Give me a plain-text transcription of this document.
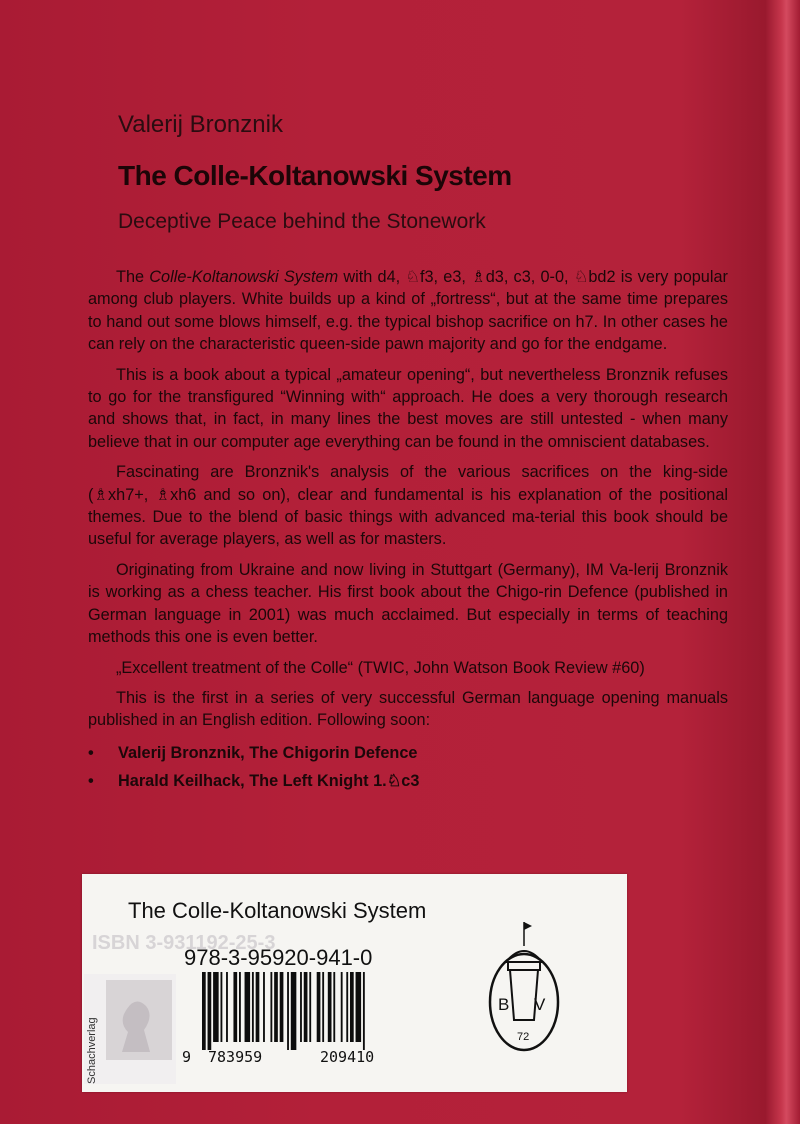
Valerij Bronznik
The Colle-Koltanowski System
Deceptive Peace behind the Stonework

The Colle-Koltanowski System with d4, ♘f3, e3, ♗d3, c3, 0-0, ♘bd2 is very popular among club players. White builds up a kind of „fortress“, but at the same time prepares to hand out some blows himself, e.g. the typical bishop sacrifice on h7. In other cases he can rely on the characteristic queen-side pawn majority and go for the endgame.

This is a book about a typical „amateur opening“, but nevertheless Bronznik refuses to go for the transfigured “Winning with“ approach. He does a very thorough research and shows that, in fact, in many lines the best moves are still untested - when many believe that in our computer age everything can be found in the omniscient databases.

Fascinating are Bronznik's analysis of the various sacrifices on the king-side (♗xh7+, ♗xh6 and so on), clear and fundamental is his explanation of the positional themes. Due to the blend of basic things with advanced ma-terial this book should be useful for average players, as well as for masters.

Originating from Ukraine and now living in Stuttgart (Germany), IM Va-lerij Bronznik is working as a chess teacher. His first book about the Chigo-rin Defence (published in German language in 2001) was much acclaimed. But especially in terms of teaching methods this one is even better.

„Excellent treatment of the Colle“ (TWIC, John Watson Book Review #60)

This is the first in a series of very successful German language opening manuals published in an English edition. Following soon:

• Valerij Bronznik, The Chigorin Defence
• Harald Keilhack, The Left Knight 1.♘c3
ISBN 3-931192-25-3
The Colle-Koltanowski System
978-3-95920-941-0
Schachverlag	9 783959	209410
B V
72
